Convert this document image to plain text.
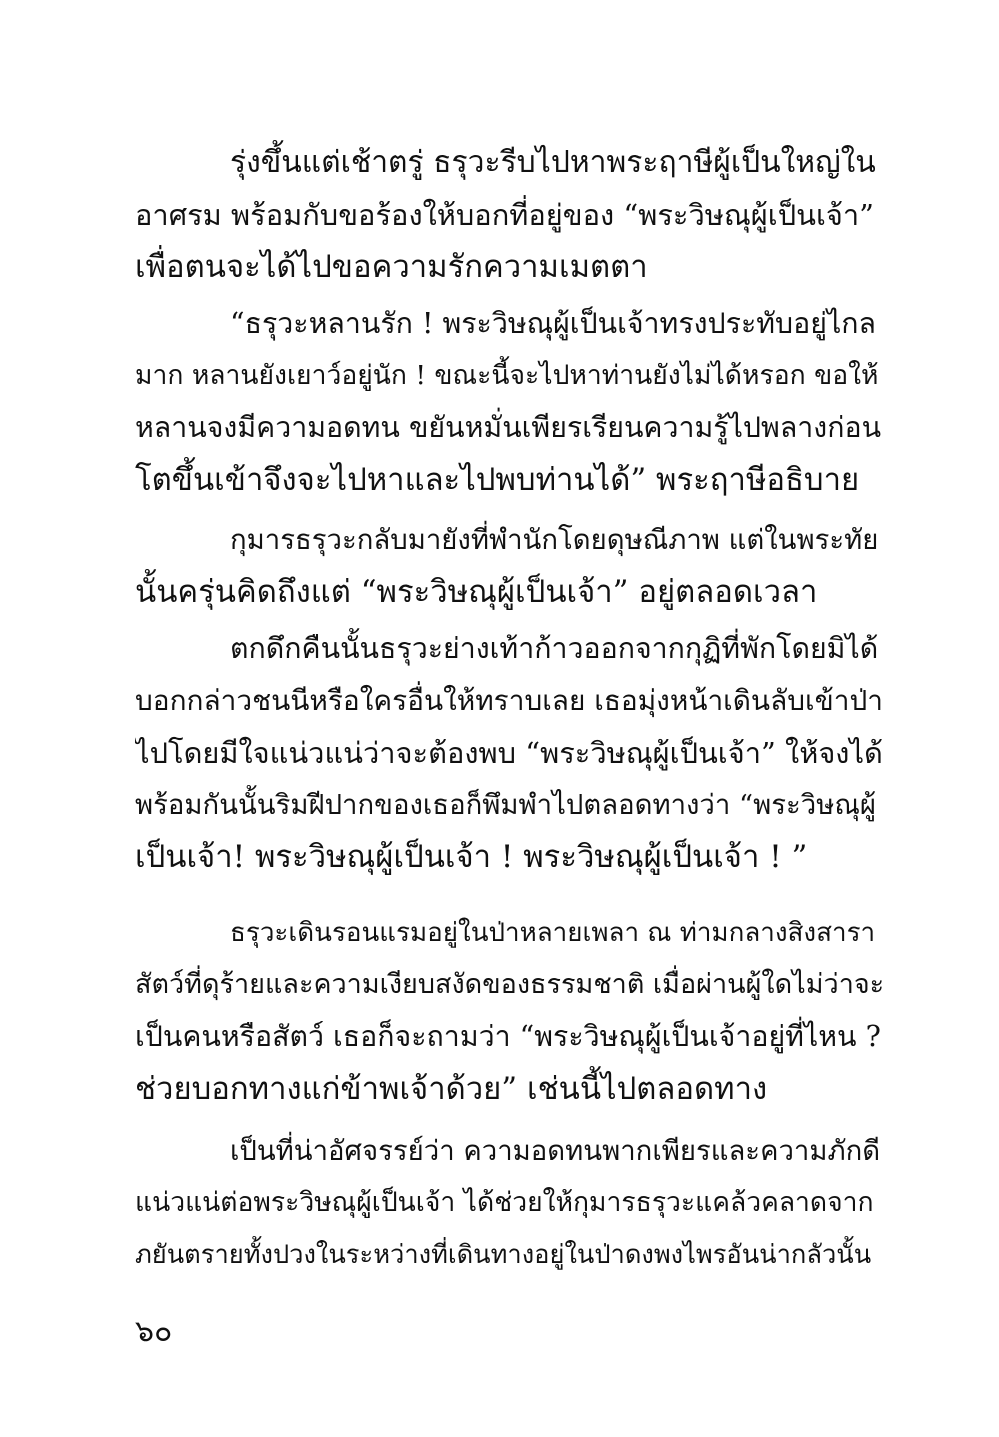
รุ่งขึ้นแต่เช้าตรู่ ธรุวะรีบไปหาพระฤาษีผู้เป็นใหญ่ใน
อาศรม พร้อมกับขอร้องให้บอกที่อยู่ของ “พระวิษณุผู้เป็นเจ้า”
เพื่อตนจะได้ไปขอความรักความเมตตา

“ธรุวะหลานรัก ! พระวิษณุผู้เป็นเจ้าทรงประทับอยู่ไกล
มาก หลานยังเยาว์อยู่นัก ! ขณะนี้จะไปหาท่านยังไม่ได้หรอก ขอให้
หลานจงมีความอดทน ขยันหมั่นเพียรเรียนความรู้ไปพลางก่อน
โตขึ้นเข้าจึงจะไปหาและไปพบท่านได้” พระฤาษีอธิบาย

กุมารธรุวะกลับมายังที่พำนักโดยดุษณีภาพ แต่ในพระทัย
นั้นครุ่นคิดถึงแต่ “พระวิษณุผู้เป็นเจ้า” อยู่ตลอดเวลา

ตกดึกคืนนั้นธรุวะย่างเท้าก้าวออกจากกุฏิที่พักโดยมิได้
บอกกล่าวชนนีหรือใครอื่นให้ทราบเลย เธอมุ่งหน้าเดินลับเข้าป่า
ไปโดยมีใจแน่วแน่ว่าจะต้องพบ “พระวิษณุผู้เป็นเจ้า” ให้จงได้
พร้อมกันนั้นริมฝีปากของเธอก็พึมพำไปตลอดทางว่า “พระวิษณุผู้
เป็นเจ้า! พระวิษณุผู้เป็นเจ้า ! พระวิษณุผู้เป็นเจ้า ! ”

ธรุวะเดินรอนแรมอยู่ในป่าหลายเพลา ณ ท่ามกลางสิงสารา
สัตว์ที่ดุร้ายและความเงียบสงัดของธรรมชาติ เมื่อผ่านผู้ใดไม่ว่าจะ
เป็นคนหรือสัตว์ เธอก็จะถามว่า “พระวิษณุผู้เป็นเจ้าอยู่ที่ไหน ?
ช่วยบอกทางแก่ข้าพเจ้าด้วย” เช่นนี้ไปตลอดทาง

เป็นที่น่าอัศจรรย์ว่า ความอดทนพากเพียรและความภักดี
แน่วแน่ต่อพระวิษณุผู้เป็นเจ้า ได้ช่วยให้กุมารธรุวะแคล้วคลาดจาก
ภยันตรายทั้งปวงในระหว่างที่เดินทางอยู่ในป่าดงพงไพรอันน่ากลัวนั้น

๖๐
